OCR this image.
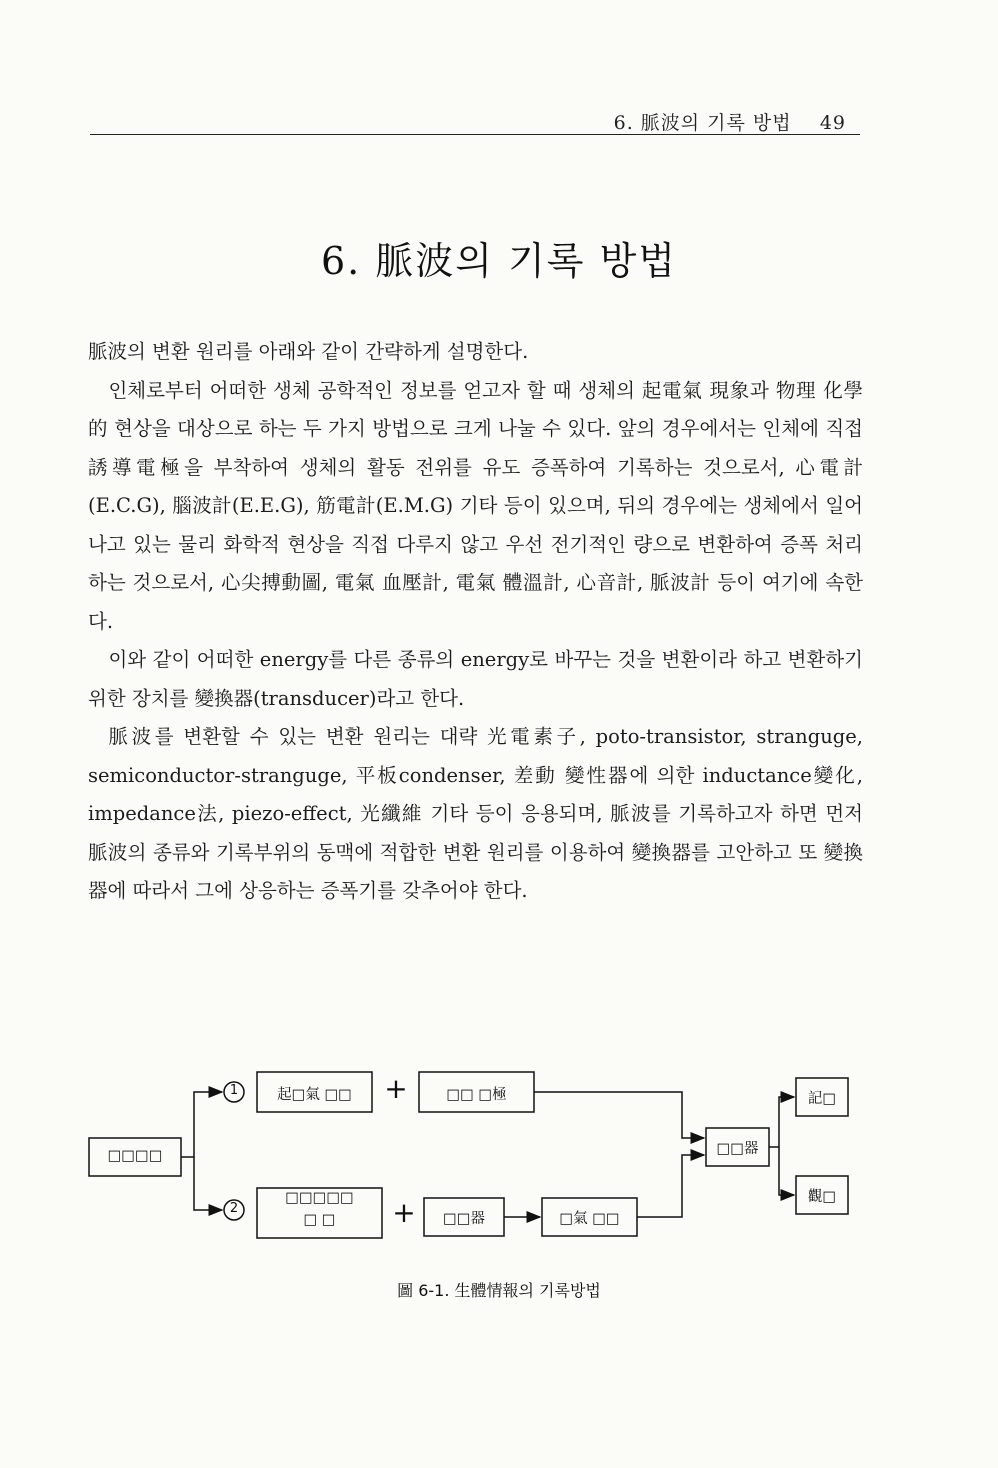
6. 脈波의 기록 방법 49
6. 脈波의 기록 방법

脈波의 변환 원리를 아래와 같이 간략하게 설명한다.

인체로부터 어떠한 생체 공학적인 정보를 얻고자 할 때 생체의 起電氣 現象과 物理 化學的 현상을 대상으로 하는 두 가지 방법으로 크게 나눌 수 있다. 앞의 경우에서는 인체에 직접 誘導電極을 부착하여 생체의 활동 전위를 유도 증폭하여 기록하는 것으로서, 心電計(E.C.G), 腦波計(E.E.G), 筋電計(E.M.G) 기타 등이 있으며, 뒤의 경우에는 생체에서 일어나고 있는 물리 화학적 현상을 직접 다루지 않고 우선 전기적인 량으로 변환하여 증폭 처리하는 것으로서, 心尖搏動圖, 電氣 血壓計, 電氣 體溫計, 心音計, 脈波計 등이 여기에 속한다.

이와 같이 어떠한 energy를 다른 종류의 energy로 바꾸는 것을 변환이라 하고 변환하기 위한 장치를 變換器(transducer)라고 한다.

脈波를 변환할 수 있는 변환 원리는 대략 光電素子, poto-transistor, stranguge, semiconductor-stranguge, 平板condenser, 差動 變性器에 의한 inductance變化, impedance法, piezo-effect, 光纖維 기타 등이 응용되며, 脈波를 기록하고자 하면 먼저 脈波의 종류와 기록부위의 동맥에 적합한 변환 원리를 이용하여 變換器를 고안하고 또 變換器에 따라서 그에 상응하는 증폭기를 갖추어야 한다.

□□□□
1
2
起□氣 □□	+	□□ □極
□□□□□
□ □	+	□□器	□氣 □□
□□器
記□
觀□
圖 6-1. 生體情報의 기록방법
